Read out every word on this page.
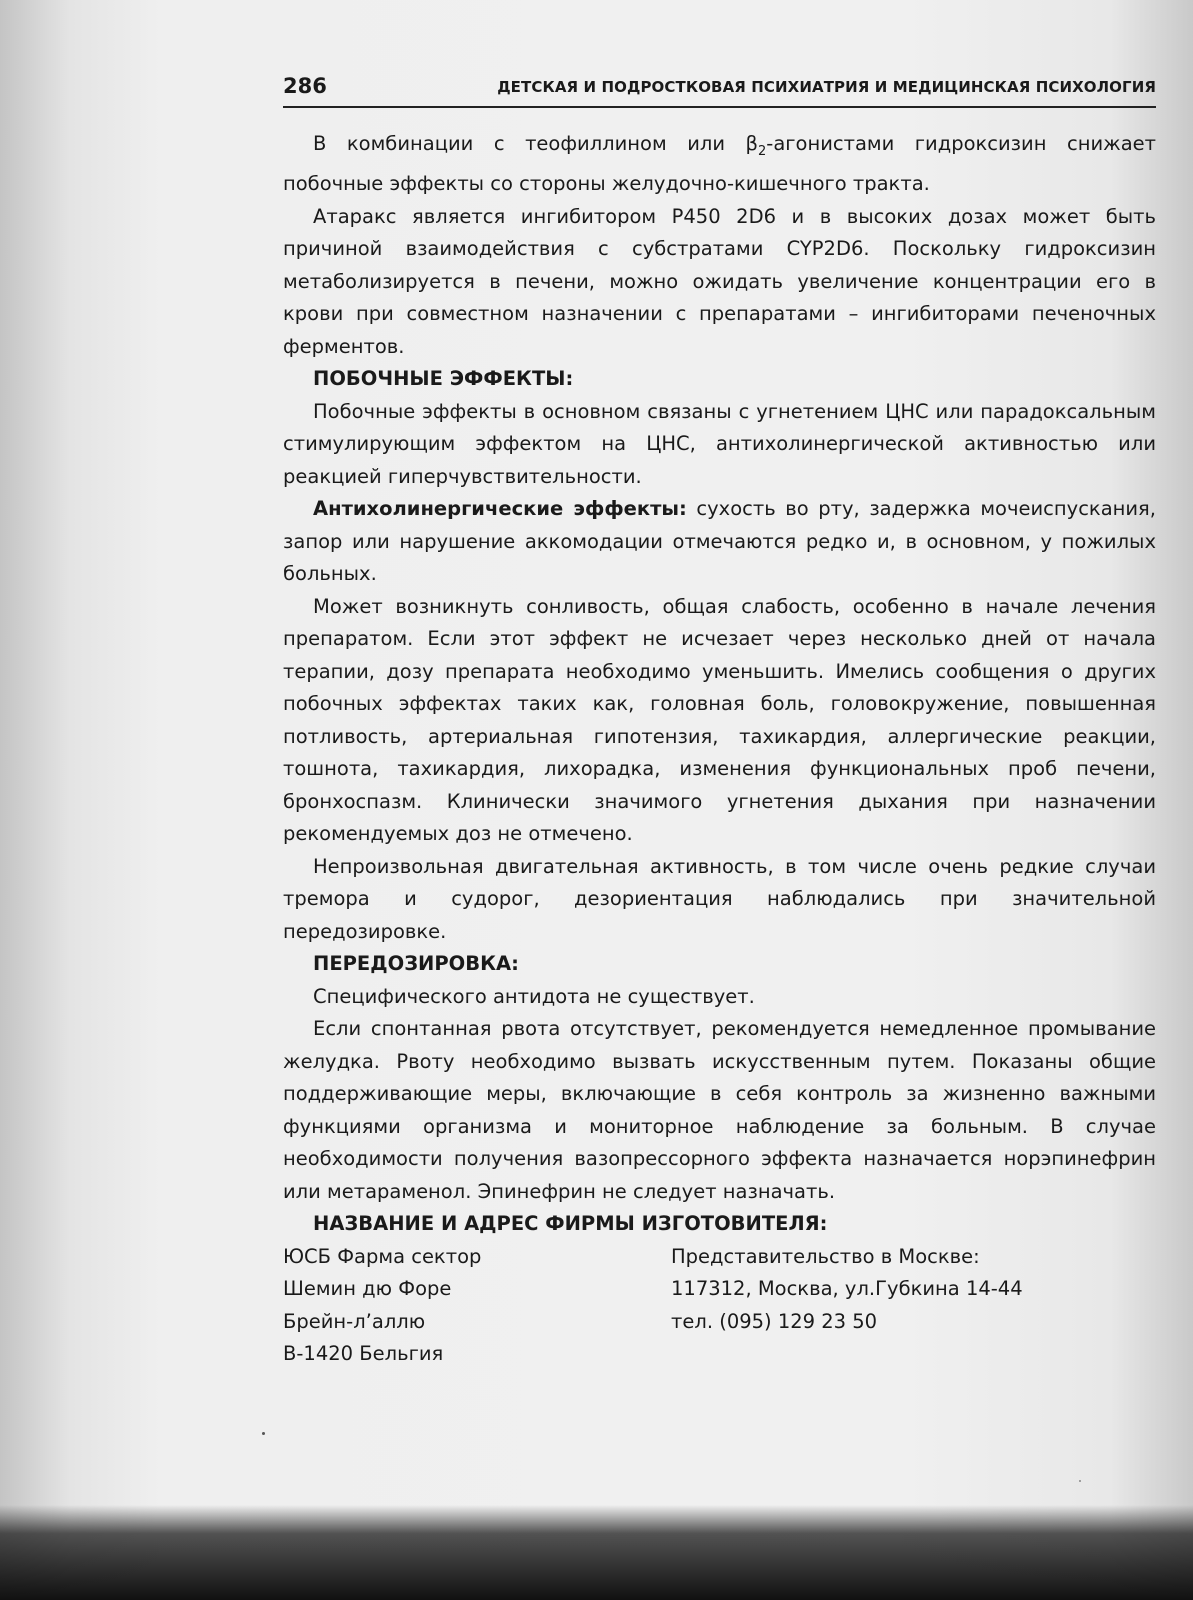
286	ДЕТСКАЯ И ПОДРОСТКОВАЯ ПСИХИАТРИЯ И МЕДИЦИНСКАЯ ПСИХОЛОГИЯ

В комбинации с теофиллином или $\beta_2$-агонистами гидроксизин снижает побочные эффекты со стороны желудочно-кишечного тракта.

Атаракс является ингибитором P450 2D6 и в высоких дозах может быть причиной взаимодействия с субстратами CYP2D6. Поскольку гидроксизин метаболизируется в печени, можно ожидать увеличение концентрации его в крови при совместном назначении с препаратами – ингибиторами печеночных ферментов.

ПОБОЧНЫЕ ЭФФЕКТЫ:

Побочные эффекты в основном связаны с угнетением ЦНС или парадоксальным стимулирующим эффектом на ЦНС, антихолинергической активностью или реакцией гиперчувствительности.

Антихолинергические эффекты: сухость во рту, задержка мочеиспускания, запор или нарушение аккомодации отмечаются редко и, в основном, у пожилых больных.

Может возникнуть сонливость, общая слабость, особенно в начале лечения препаратом. Если этот эффект не исчезает через несколько дней от начала терапии, дозу препарата необходимо уменьшить. Имелись сообщения о других побочных эффектах таких как, головная боль, головокружение, повышенная потливость, артериальная гипотензия, тахикардия, аллергические реакции, тошнота, тахикардия, лихорадка, изменения функциональных проб печени, бронхоспазм. Клинически значимого угнетения дыхания при назначении рекомендуемых доз не отмечено.

Непроизвольная двигательная активность, в том числе очень редкие случаи тремора и судорог, дезориентация наблюдались при значительной передозировке.

ПЕРЕДОЗИРОВКА:

Специфического антидота не существует.

Если спонтанная рвота отсутствует, рекомендуется немедленное промывание желудка. Рвоту необходимо вызвать искусственным путем. Показаны общие поддерживающие меры, включающие в себя контроль за жизненно важными функциями организма и мониторное наблюдение за больным. В случае необходимости получения вазопрессорного эффекта назначается норэпинефрин или метараменол. Эпинефрин не следует назначать.

НАЗВАНИЕ И АДРЕС ФИРМЫ ИЗГОТОВИТЕЛЯ:
ЮСБ Фарма сектор
Шемин дю Форе
Брейн-л’аллю
B-1420 Бельгия
Представительство в Москве:
117312, Москва, ул.Губкина 14-44
тел. (095) 129 23 50
